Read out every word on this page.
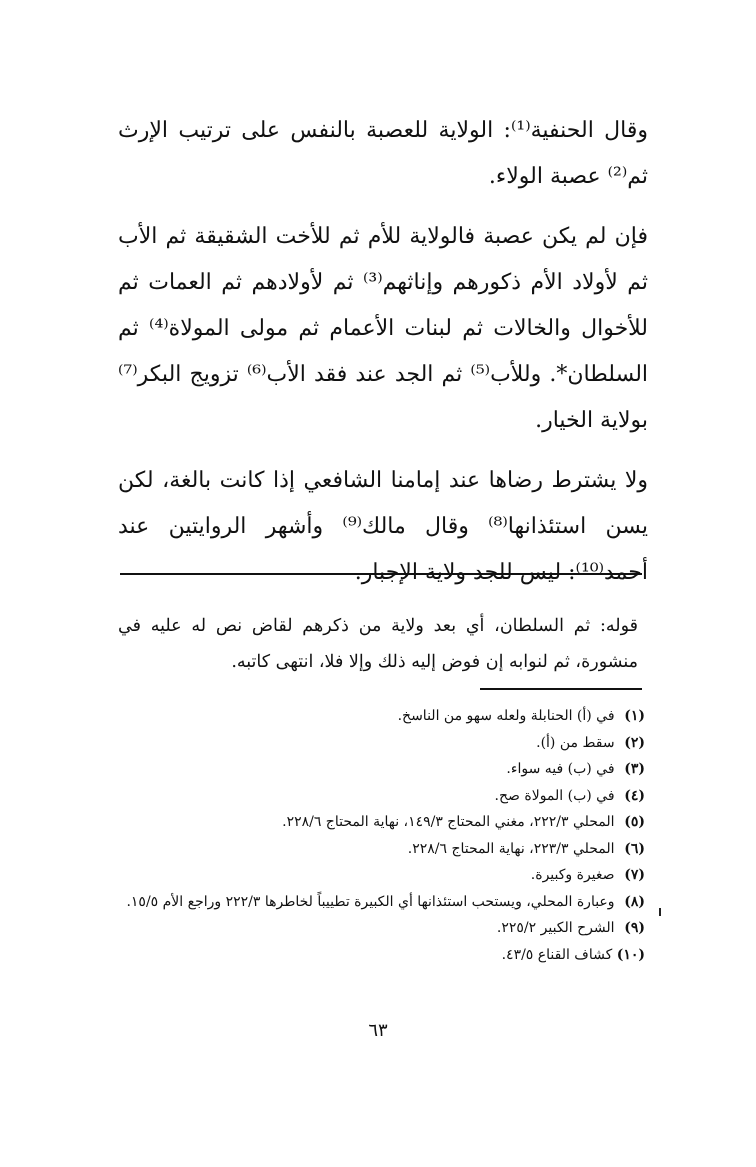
وقال الحنفية⁽¹⁾: الولاية للعصبة بالنفس على ترتيب الإرث ثم⁽²⁾ عصبة الولاء.

فإن لم يكن عصبة فالولاية للأم ثم للأخت الشقيقة ثم الأب ثم لأولاد الأم ذكورهم وإناثهم⁽³⁾ ثم لأولادهم ثم العمات ثم للأخوال والخالات ثم لبنات الأعمام ثم مولى المولاة⁽⁴⁾ ثم السلطان*. وللأب⁽⁵⁾ ثم الجد عند فقد الأب⁽⁶⁾ تزويج البكر⁽⁷⁾ بولاية الخيار.

ولا يشترط رضاها عند إمامنا الشافعي إذا كانت بالغة، لكن يسن استئذانها⁽⁸⁾ وقال مالك⁽⁹⁾ وأشهر الروايتين عند أحمد⁽¹⁰⁾: ليس للجد ولاية الإجبار.

قوله: ثم السلطان، أي بعد ولاية من ذكرهم لقاض نص له عليه في منشورة، ثم لنوابه إن فوض إليه ذلك وإلا فلا، انتهى كاتبه.

(١) في (أ) الحنابلة ولعله سهو من الناسخ.
(٢) سقط من (أ).
(٣) في (ب) فيه سواء.
(٤) في (ب) المولاة صح.
(٥) المحلي ٢٢٢/٣، مغني المحتاج ١٤٩/٣، نهاية المحتاج ٢٢٨/٦.
(٦) المحلي ٢٢٣/٣، نهاية المحتاج ٢٢٨/٦.
(٧) صغيرة وكبيرة.
(٨) وعبارة المحلي، ويستحب استئذانها أي الكبيرة تطييباً لخاطرها ٢٢٢/٣ وراجع الأم ١٥/٥.
(٩) الشرح الكبير ٢٢٥/٢.
(١٠) كشاف القناع ٤٣/٥.
٦٣
